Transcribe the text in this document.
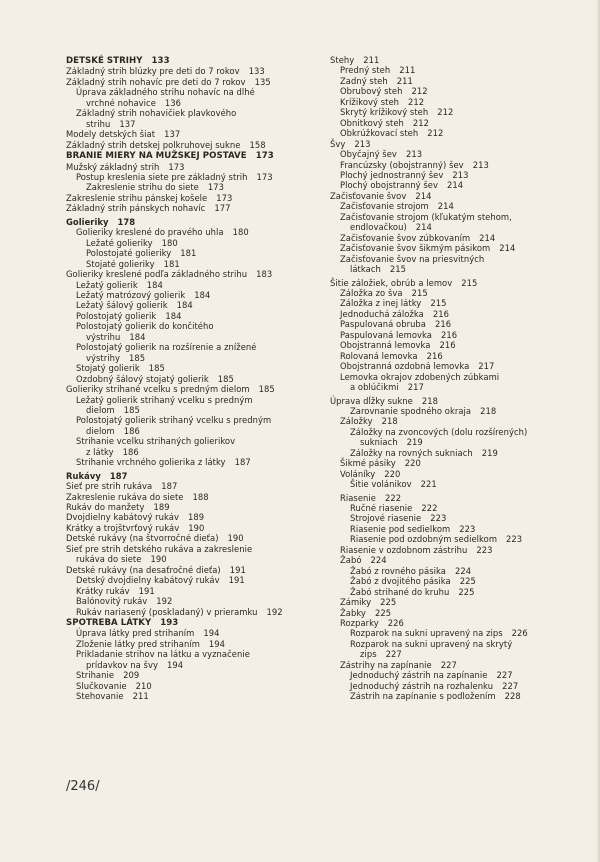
DETSKÉ STRIHY 133
Základný strih blúzky pre deti do 7 rokov 133
Základný strih nohavíc pre deti do 7 rokov 135
Úprava základného strihu nohavíc na dlhé
vrchné nohavice 136
Základný strih nohavičiek plavkového
strihu 137
Modely detských šiat 137
Základný strih detskej polkruhovej sukne 158
BRANIE MIERY NA MUŽSKEJ POSTAVE 173
Mužský základný strih 173
Postup kreslenia siete pre základný strih 173
Zakreslenie strihu do siete 173
Zakreslenie strihu pánskej košele 173
Základný strih pánskych nohavíc 177
Golieriky 178
Golieriky kreslené do pravého uhla 180
Ležaté golieriky 180
Polostojaté golieriky 181
Stojaté golieriky 181
Golieriky kreslené podľa základného strihu 183
Ležatý golierik 184
Ležatý matrózový golierik 184
Ležatý šálový golierik 184
Polostojatý golierik 184
Polostojatý golierik do končitého
výstrihu 184
Polostojatý golierik na rozšírenie a znížené
výstrihy 185
Stojatý golierik 185
Ozdobný šálový stojatý golierik 185
Golieriky strihané vcelku s predným dielom 185
Ležatý golierik strihaný vcelku s predným
dielom 185
Polostojatý golierik strihaný vcelku s predným
dielom 186
Strihanie vcelku strihaných golierikov
z látky 186
Strihanie vrchného golierika z látky 187
Rukávy 187
Sieť pre strih rukáva 187
Zakreslenie rukáva do siete 188
Rukáv do manžety 189
Dvojdielny kabátový rukáv 189
Krátky a trojštvrťový rukáv 190
Detské rukávy (na štvorročné dieťa) 190
Sieť pre strih detského rukáva a zakreslenie
rukáva do siete 190
Detské rukávy (na desaťročné dieťa) 191
Detský dvojdielny kabátový rukáv 191
Krátky rukáv 191
Balónovitý rukáv 192
Rukáv nariasený (poskladaný) v prieramku 192
SPOTREBA LÁTKY 193
Úprava látky pred strihaním 194
Zloženie látky pred strihaním 194
Prikladanie strihov na látku a vyznačenie
prídavkov na švy 194
Strihanie 209
Slučkovanie 210
Stehovanie 211
Stehy 211
Predný steh 211
Zadný steh 211
Obrubový steh 212
Krížikový steh 212
Skrytý krížikový steh 212
Obnitkový steh 212
Obkrúžkovací steh 212
Švy 213
Obyčajný šev 213
Francúzsky (obojstranný) šev 213
Plochý jednostranný šev 213
Plochý obojstranný šev 214
Začisťovanie švov 214
Začisťovanie strojom 214
Začisťovanie strojom (kľukatým stehom,
endlovačkou) 214
Začisťovanie švov zúbkovaním 214
Začisťovanie švov šikmým pásikom 214
Začisťovanie švov na priesvitných
látkach 215
Šitie záložiek, obrúb a lemov 215
Záložka zo šva 215
Záložka z inej látky 215
Jednoduchá záložka 216
Paspulovaná obruba 216
Paspulovaná lemovka 216
Obojstranná lemovka 216
Rolovaná lemovka 216
Obojstranná ozdobná lemovka 217
Lemovka okrajov zdobených zúbkami
a oblúčikmi 217
Úprava dĺžky sukne 218
Zarovnanie spodného okraja 218
Záložky 218
Záložky na zvoncových (dolu rozšírených)
sukniach 219
Záložky na rovných sukniach 219
Šikmé pásiky 220
Voláníky 220
Šitie volánikov 221
Riasenie 222
Ručné riasenie 222
Strojové riasenie 223
Riasenie pod sedielkom 223
Riasenie pod ozdobným sedielkom 223
Riasenie v ozdobnom zástrihu 223
Žabó 224
Žabó z rovného pásika 224
Žabó z dvojitého pásika 225
Žabó strihané do kruhu 225
Zámiky 225
Žabky 225
Rozparky 226
Rozparok na sukni upravený na zips 226
Rozparok na sukni upravený na skrytý
zips 227
Zástrihy na zapínanie 227
Jednoduchý zástrih na zapínanie 227
Jednoduchý zástrih na rozhalenku 227
Zástrih na zapínanie s podložením 228
/246/
